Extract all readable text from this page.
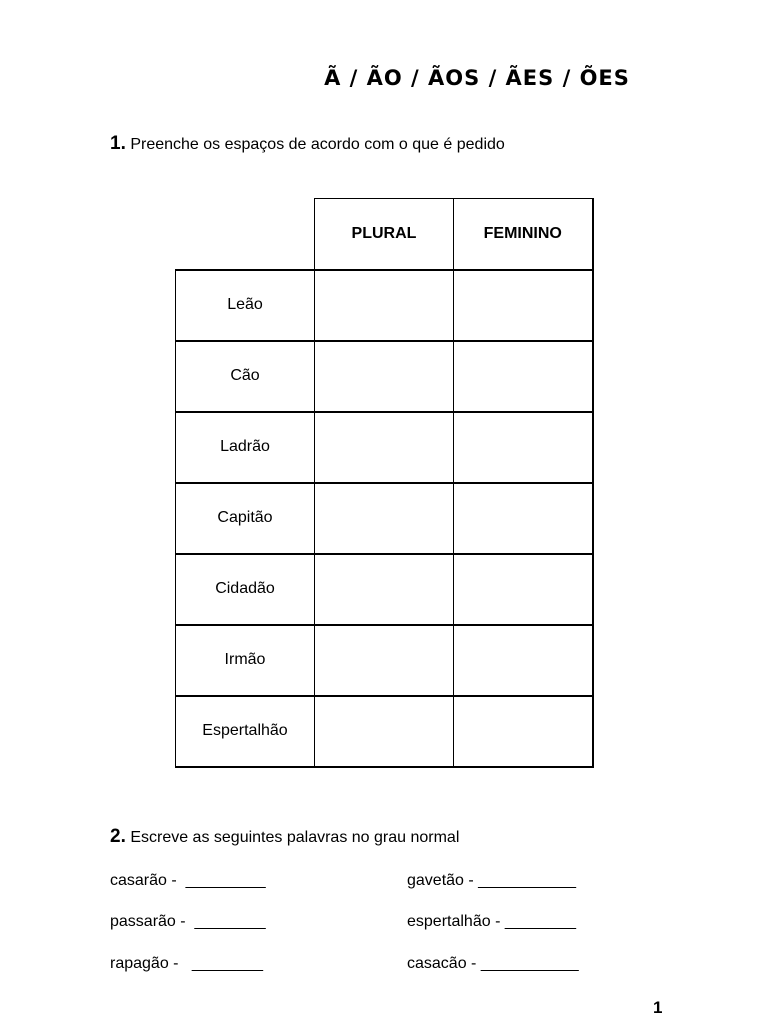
Ã / ÃO / ÃOS / ÃES / ÕES
1. Preenche os espaços de acordo com o que é pedido
	PLURAL	FEMININO
Leão		
Cão		
Ladrão		
Capitão		
Cidadão		
Irmão		
Espertalhão		
2. Escreve as seguintes palavras no grau normal
casarão -  _________	gavetão - ___________
passarão -  ________	espertalhão - ________
rapagão -   ________	casacão - ___________
1
